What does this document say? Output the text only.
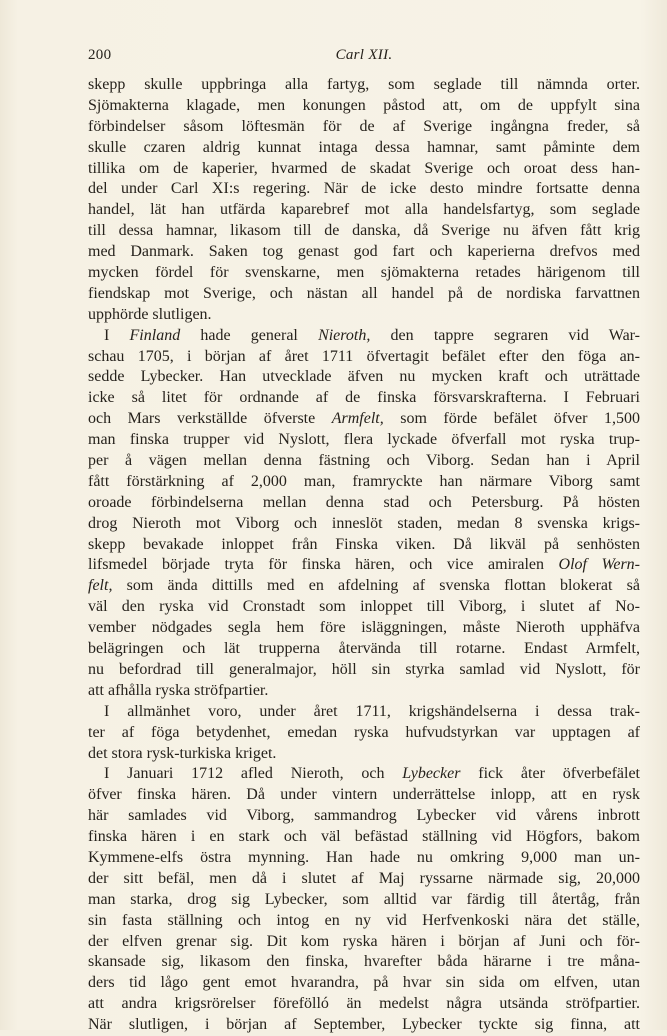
200	Carl XII.
skepp skulle uppbringa alla fartyg, som seglade till nämnda orter.
Sjömakterna klagade, men konungen påstod att, om de uppfylt sina
förbindelser såsom löftesmän för de af Sverige ingångna freder, så
skulle czaren aldrig kunnat intaga dessa hamnar, samt påminte dem
tillika om de kaperier, hvarmed de skadat Sverige och oroat dess han-
del under Carl XI:s regering. När de icke desto mindre fortsatte denna
handel, lät han utfärda kaparebref mot alla handelsfartyg, som seglade
till dessa hamnar, likasom till de danska, då Sverige nu äfven fått krig
med Danmark. Saken tog genast god fart och kaperierna drefvos med
mycken fördel för svenskarne, men sjömakterna retades härigenom till
fiendskap mot Sverige, och nästan all handel på de nordiska farvattnen
upphörde slutligen.
I Finland hade general Nieroth, den tappre segraren vid War-
schau 1705, i början af året 1711 öfvertagit befälet efter den föga an-
sedde Lybecker. Han utvecklade äfven nu mycken kraft och uträttade
icke så litet för ordnande af de finska försvarskrafterna. I Februari
och Mars verkställde öfverste Armfelt, som förde befälet öfver 1,500
man finska trupper vid Nyslott, flera lyckade öfverfall mot ryska trup-
per å vägen mellan denna fästning och Viborg. Sedan han i April
fått förstärkning af 2,000 man, framryckte han närmare Viborg samt
oroade förbindelserna mellan denna stad och Petersburg. På hösten
drog Nieroth mot Viborg och inneslöt staden, medan 8 svenska krigs-
skepp bevakade inloppet från Finska viken. Då likväl på senhösten
lifsmedel började tryta för finska hären, och vice amiralen Olof Wern-
felt, som ända dittills med en afdelning af svenska flottan blokerat så
väl den ryska vid Cronstadt som inloppet till Viborg, i slutet af No-
vember nödgades segla hem före isläggningen, måste Nieroth upphäfva
belägringen och lät trupperna återvända till rotarne. Endast Armfelt,
nu befordrad till generalmajor, höll sin styrka samlad vid Nyslott, för
att afhålla ryska ströfpartier.
I allmänhet voro, under året 1711, krigshändelserna i dessa trak-
ter af föga betydenhet, emedan ryska hufvudstyrkan var upptagen af
det stora rysk-turkiska kriget.
I Januari 1712 afled Nieroth, och Lybecker fick åter öfverbefälet
öfver finska hären. Då under vintern underrättelse inlopp, att en rysk
här samlades vid Viborg, sammandrog Lybecker vid vårens inbrott
finska hären i en stark och väl befästad ställning vid Högfors, bakom
Kymmene-elfs östra mynning. Han hade nu omkring 9,000 man un-
der sitt befäl, men då i slutet af Maj ryssarne närmade sig, 20,000
man starka, drog sig Lybecker, som alltid var färdig till återtåg, från
sin fasta ställning och intog en ny vid Herfvenkoski nära det ställe,
der elfven grenar sig. Dit kom ryska hären i början af Juni och för-
skansade sig, likasom den finska, hvarefter båda härarne i tre måna-
ders tid lågo gent emot hvarandra, på hvar sin sida om elfven, utan
att andra krigsrörelser förefölló än medelst några utsända ströfpartier.
När slutligen, i början af September, Lybecker tyckte sig finna, att
